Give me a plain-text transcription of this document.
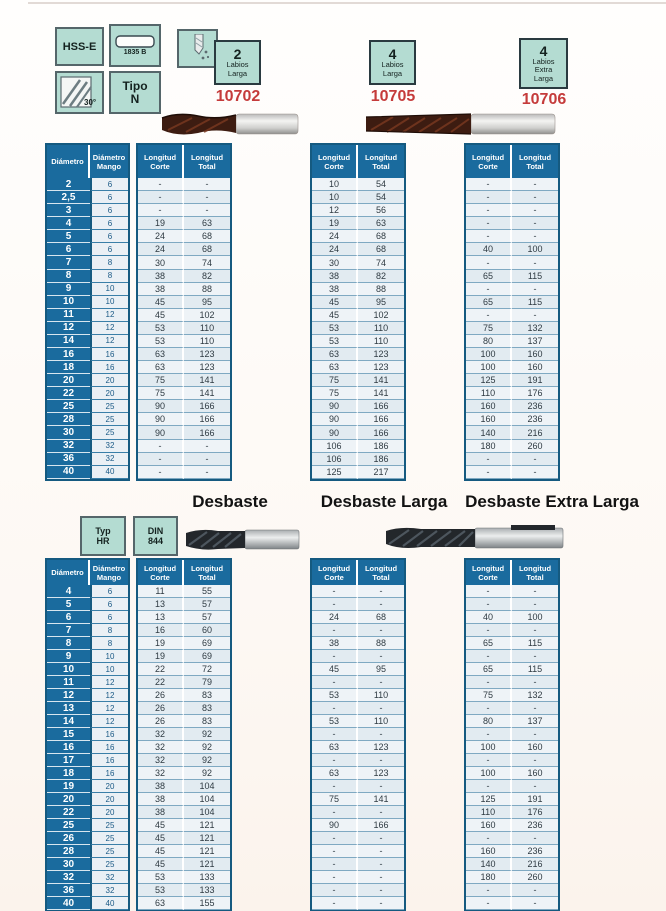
HSS-E	1835 B
30°
Tipo
N
2
Labios
Larga
10702
4
Labios
Larga
10705
4
Labios
Extra
Larga
10706
Diámetro Diámetro
Mango
2	6
2,5	6
3	6
4	6
5	6
6	6
7	8
8	8
9	10
10	10
11	12
12	12
14	12
16	16
18	16
20	20
22	20
25	25
28	25
30	25
32	32
36	32
40	40
Longitud
Corte
Longitud
Total
-	-
-	-
-	-
19	63
24	68
24	68
30	74
38	82
38	88
45	95
45	102
53	110
53	110
63	123
63	123
75	141
75	141
90	166
90	166
90	166
-	-
-	-
-	-
Longitud
Corte
Longitud
Total
10	54
10	54
12	56
19	63
24	68
24	68
30	74
38	82
38	88
45	95
45	102
53	110
53	110
63	123
63	123
75	141
75	141
90	166
90	166
90	166
106	186
106	186
125	217
Longitud
Corte
Longitud
Total
-	-
-	-
-	-
-	-
-	-
40	100
-	-
65	115
-	-
65	115
-	-
75	132
80	137
100	160
100	160
125	191
110	176
160	236
160	236
140	216
180	260
-	-
-	-
Desbaste	Desbaste Larga	Desbaste Extra Larga
Typ
HR
DIN
844
Diámetro Diámetro
Mango
4	6
5	6
6	6
7	8
8	8
9	10
10	10
11	12
12	12
13	12
14	12
15	16
16	16
17	16
18	16
19	20
20	20
22	20
25	25
26	25
28	25
30	25
32	32
36	32
40	40
Longitud
Corte
Longitud
Total
11	55
13	57
13	57
16	60
19	69
19	69
22	72
22	79
26	83
26	83
26	83
32	92
32	92
32	92
32	92
38	104
38	104
38	104
45	121
45	121
45	121
45	121
53	133
53	133
63	155
Longitud
Corte
Longitud
Total
-	-
-	-
24	68
-	-
38	88
-	-
45	95
-	-
53	110
-	-
53	110
-	-
63	123
-	-
63	123
-	-
75	141
-	-
90	166
-	-
-	-
-	-
-	-
-	-
-	-
Longitud
Corte
Longitud
Total
-	-
-	-
40	100
-	-
65	115
-	-
65	115
-	-
75	132
-	-
80	137
-	-
100	160
-	-
100	160
-	-
125	191
110	176
160	236
-	-
160	236
140	216
180	260
-	-
-	-
